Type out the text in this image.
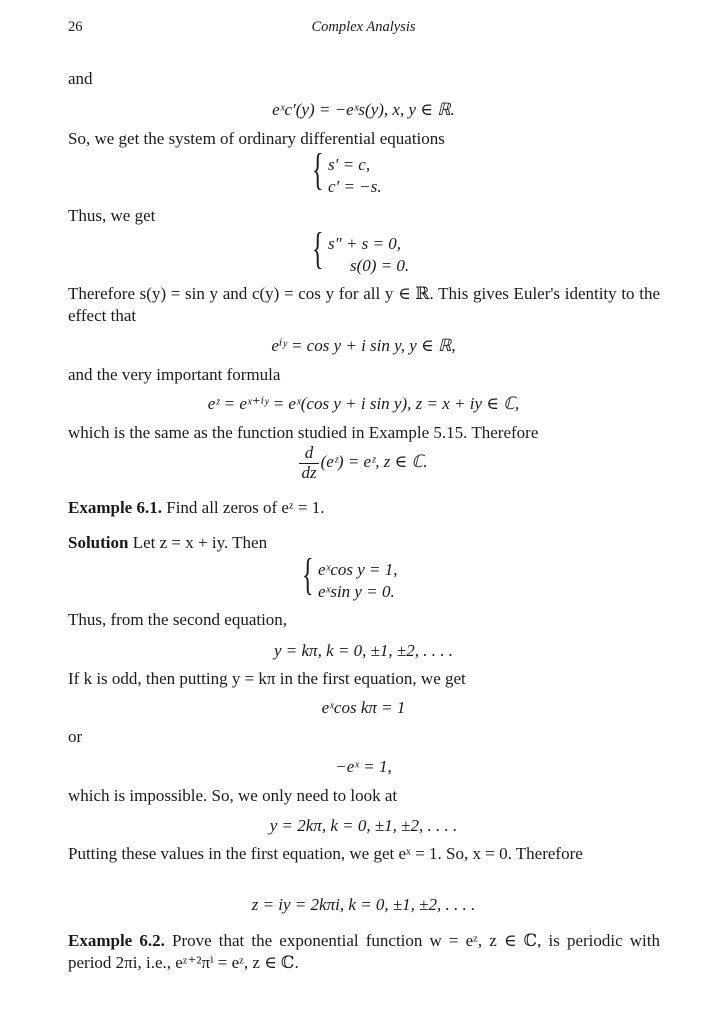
26	Complex Analysis
and
eˣc′(y) = −eˣs(y), x, y ∈ ℝ.
So, we get the system of ordinary differential equations
{ s′ = c,
c′ = −s.
Thus, we get
{ s″ + s = 0,
s(0) = 0.
Therefore s(y) = sin y and c(y) = cos y for all y ∈ ℝ. This gives Euler's identity to the effect that
eⁱʸ = cos y + i sin y, y ∈ ℝ,
and the very important formula
eᶻ = eˣ⁺ⁱʸ = eˣ(cos y + i sin y), z = x + iy ∈ ℂ,
which is the same as the function studied in Example 5.15. Therefore
$\frac{d}{dz}$ (eᶻ) = eᶻ, z ∈ ℂ.
Example 6.1. Find all zeros of eᶻ = 1.
Solution Let z = x + iy. Then
{ eˣcos y = 1,
eˣsin y = 0.
Thus, from the second equation,
y = kπ, k = 0, ±1, ±2, . . . .
If k is odd, then putting y = kπ in the first equation, we get
eˣcos kπ = 1
or
−eˣ = 1,
which is impossible. So, we only need to look at
y = 2kπ, k = 0, ±1, ±2, . . . .
Putting these values in the first equation, we get eˣ = 1. So, x = 0. Therefore
z = iy = 2kπi, k = 0, ±1, ±2, . . . .
Example 6.2. Prove that the exponential function w = eᶻ, z ∈ ℂ, is periodic with period 2πi, i.e., eᶻ⁺²πⁱ = eᶻ, z ∈ ℂ.
